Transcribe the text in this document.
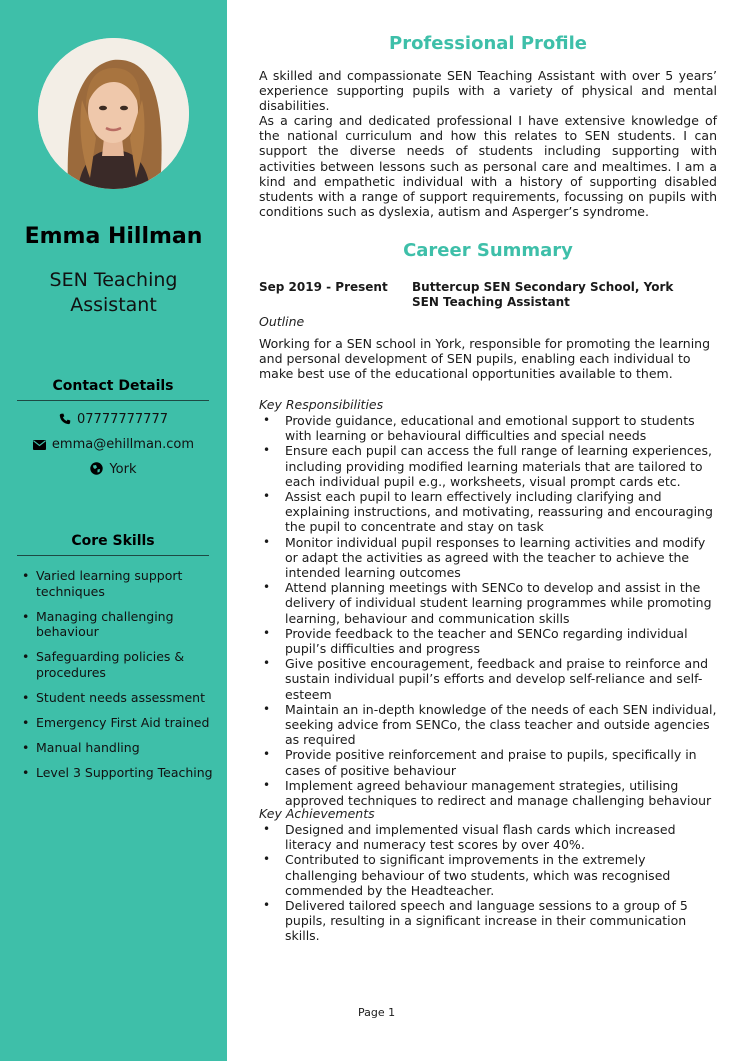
Emma Hillman
SEN Teaching Assistant
Contact Details
07777777777
emma@ehillman.com
York
Core Skills
• Varied learning support techniques
• Managing challenging behaviour
• Safeguarding policies & procedures
• Student needs assessment
• Emergency First Aid trained
• Manual handling
• Level 3 Supporting Teaching
Professional Profile
A skilled and compassionate SEN Teaching Assistant with over 5 years’ experience supporting pupils with a variety of physical and mental disabilities.
As a caring and dedicated professional I have extensive knowledge of the national curriculum and how this relates to SEN students. I can support the diverse needs of students including supporting with activities between lessons such as personal care and mealtimes. I am a kind and empathetic individual with a history of supporting disabled students with a range of support requirements, focussing on pupils with conditions such as dyslexia, autism and Asperger’s syndrome.
Career Summary
Sep 2019 - Present Buttercup SEN Secondary School, York
SEN Teaching Assistant
Outline
Working for a SEN school in York, responsible for promoting the learning and personal development of SEN pupils, enabling each individual to make best use of the educational opportunities available to them.
Key Responsibilities
• Provide guidance, educational and emotional support to students with learning or behavioural difficulties and special needs
• Ensure each pupil can access the full range of learning experiences, including providing modified learning materials that are tailored to each individual pupil e.g., worksheets, visual prompt cards etc.
• Assist each pupil to learn effectively including clarifying and explaining instructions, and motivating, reassuring and encouraging the pupil to concentrate and stay on task
• Monitor individual pupil responses to learning activities and modify or adapt the activities as agreed with the teacher to achieve the intended learning outcomes
• Attend planning meetings with SENCo to develop and assist in the delivery of individual student learning programmes while promoting learning, behaviour and communication skills
• Provide feedback to the teacher and SENCo regarding individual pupil’s difficulties and progress
• Give positive encouragement, feedback and praise to reinforce and sustain individual pupil’s efforts and develop self-reliance and self-esteem
• Maintain an in-depth knowledge of the needs of each SEN individual, seeking advice from SENCo, the class teacher and outside agencies as required
• Provide positive reinforcement and praise to pupils, specifically in cases of positive behaviour
• Implement agreed behaviour management strategies, utilising approved techniques to redirect and manage challenging behaviour
Key Achievements
• Designed and implemented visual flash cards which increased literacy and numeracy test scores by over 40%.
• Contributed to significant improvements in the extremely challenging behaviour of two students, which was recognised commended by the Headteacher.
• Delivered tailored speech and language sessions to a group of 5 pupils, resulting in a significant increase in their communication skills.
Page 1
